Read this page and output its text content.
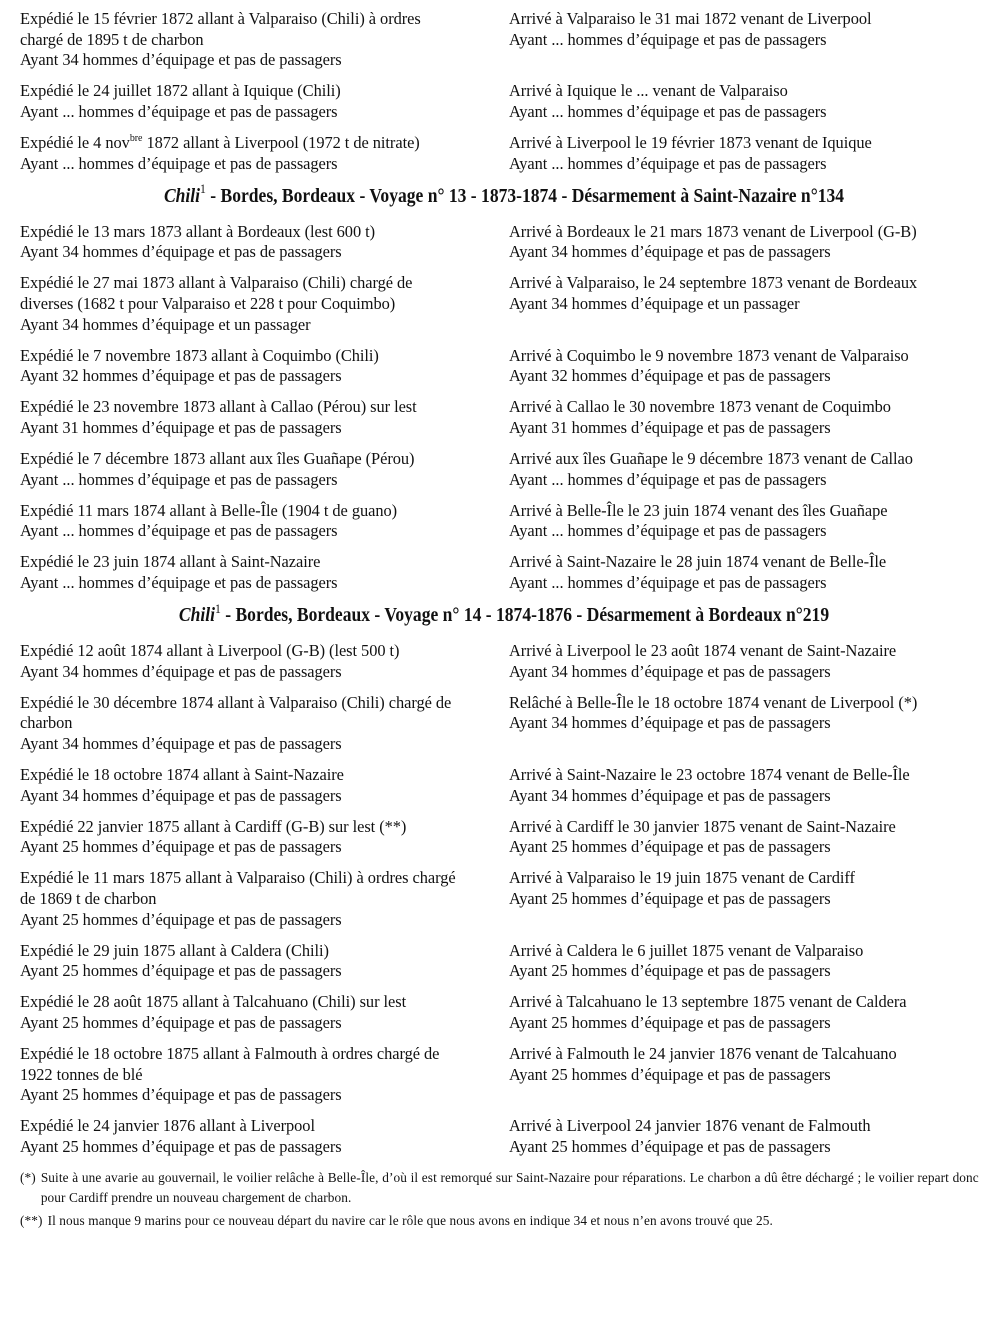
Expédié le 15 février 1872 allant à Valparaiso (Chili) à ordres
chargé de 1895 t de charbon
Ayant 34 hommes d’équipage et pas de passagers
Arrivé à Valparaiso le 31 mai 1872 venant de Liverpool
Ayant ... hommes d’équipage et pas de passagers
Expédié le 24 juillet 1872 allant à Iquique (Chili)
Ayant ... hommes d’équipage et pas de passagers
Arrivé à Iquique le ... venant de Valparaiso
Ayant ... hommes d’équipage et pas de passagers
Expédié le 4 nov$^{bre}$ 1872 allant à Liverpool (1972 t de nitrate)
Ayant ... hommes d’équipage et pas de passagers
Arrivé à Liverpool le 19 février 1873 venant de Iquique
Ayant ... hommes d’équipage et pas de passagers
Chili$^1$ - Bordes, Bordeaux - Voyage n° 13 - 1873-1874 - Désarmement à Saint-Nazaire n°134
Expédié le 13 mars 1873 allant à Bordeaux (lest 600 t)
Ayant 34 hommes d’équipage et pas de passagers
Arrivé à Bordeaux le 21 mars 1873 venant de Liverpool (G-B)
Ayant 34 hommes d’équipage et pas de passagers
Expédié le 27 mai 1873 allant à Valparaiso (Chili) chargé de
diverses (1682 t pour Valparaiso et 228 t pour Coquimbo)
Ayant 34 hommes d’équipage et un passager
Arrivé à Valparaiso, le 24 septembre 1873 venant de Bordeaux
Ayant 34 hommes d’équipage et un passager
Expédié le 7 novembre 1873 allant à Coquimbo (Chili)
Ayant 32 hommes d’équipage et pas de passagers
Arrivé à Coquimbo le 9 novembre 1873 venant de Valparaiso
Ayant 32 hommes d’équipage et pas de passagers
Expédié le 23 novembre 1873 allant à Callao (Pérou) sur lest
Ayant 31 hommes d’équipage et pas de passagers
Arrivé à Callao le 30 novembre 1873 venant de Coquimbo
Ayant 31 hommes d’équipage et pas de passagers
Expédié le 7 décembre 1873 allant aux îles Guañape (Pérou)
Ayant ... hommes d’équipage et pas de passagers
Arrivé aux îles Guañape le 9 décembre 1873 venant de Callao
Ayant ... hommes d’équipage et pas de passagers
Expédié 11 mars 1874 allant à Belle-Île (1904 t de guano)
Ayant ... hommes d’équipage et pas de passagers
Arrivé à Belle-Île le 23 juin 1874 venant des îles Guañape
Ayant ... hommes d’équipage et pas de passagers
Expédié le 23 juin 1874 allant à Saint-Nazaire
Ayant ... hommes d’équipage et pas de passagers
Arrivé à Saint-Nazaire le 28 juin 1874 venant de Belle-Île
Ayant ... hommes d’équipage et pas de passagers
Chili$^1$ - Bordes, Bordeaux - Voyage n° 14 - 1874-1876 - Désarmement à Bordeaux n°219
Expédié 12 août 1874 allant à Liverpool (G-B) (lest 500 t)
Ayant 34 hommes d’équipage et pas de passagers
Arrivé à Liverpool le 23 août 1874 venant de Saint-Nazaire
Ayant 34 hommes d’équipage et pas de passagers
Expédié le 30 décembre 1874 allant à Valparaiso (Chili) chargé de
charbon
Ayant 34 hommes d’équipage et pas de passagers
Relâché à Belle-Île le 18 octobre 1874 venant de Liverpool (*)
Ayant 34 hommes d’équipage et pas de passagers
Expédié le 18 octobre 1874 allant à Saint-Nazaire
Ayant 34 hommes d’équipage et pas de passagers
Arrivé à Saint-Nazaire le 23 octobre 1874 venant de Belle-Île
Ayant 34 hommes d’équipage et pas de passagers
Expédié 22 janvier 1875 allant à Cardiff (G-B) sur lest (**)
Ayant 25 hommes d’équipage et pas de passagers
Arrivé à Cardiff le 30 janvier 1875 venant de Saint-Nazaire
Ayant 25 hommes d’équipage et pas de passagers
Expédié le 11 mars 1875 allant à Valparaiso (Chili) à ordres chargé
de 1869 t de charbon
Ayant 25 hommes d’équipage et pas de passagers
Arrivé à Valparaiso le 19 juin 1875 venant de Cardiff
Ayant 25 hommes d’équipage et pas de passagers
Expédié le 29 juin 1875 allant à Caldera (Chili)
Ayant 25 hommes d’équipage et pas de passagers
Arrivé à Caldera le 6 juillet 1875 venant de Valparaiso
Ayant 25 hommes d’équipage et pas de passagers
Expédié le 28 août 1875 allant à Talcahuano (Chili) sur lest
Ayant 25 hommes d’équipage et pas de passagers
Arrivé à Talcahuano le 13 septembre 1875 venant de Caldera
Ayant 25 hommes d’équipage et pas de passagers
Expédié le 18 octobre 1875 allant à Falmouth à ordres chargé de
1922 tonnes de blé
Ayant 25 hommes d’équipage et pas de passagers
Arrivé à Falmouth le 24 janvier 1876 venant de Talcahuano
Ayant 25 hommes d’équipage et pas de passagers
Expédié le 24 janvier 1876 allant à Liverpool
Ayant 25 hommes d’équipage et pas de passagers
Arrivé à Liverpool 24 janvier 1876 venant de Falmouth
Ayant 25 hommes d’équipage et pas de passagers
(*) Suite à une avarie au gouvernail, le voilier relâche à Belle-Île, d’où il est remorqué sur Saint-Nazaire pour réparations. Le charbon a dû être déchargé ; le voilier repart donc pour Cardiff prendre un nouveau chargement de charbon.
(**) Il nous manque 9 marins pour ce nouveau départ du navire car le rôle que nous avons en indique 34 et nous n’en avons trouvé que 25.
